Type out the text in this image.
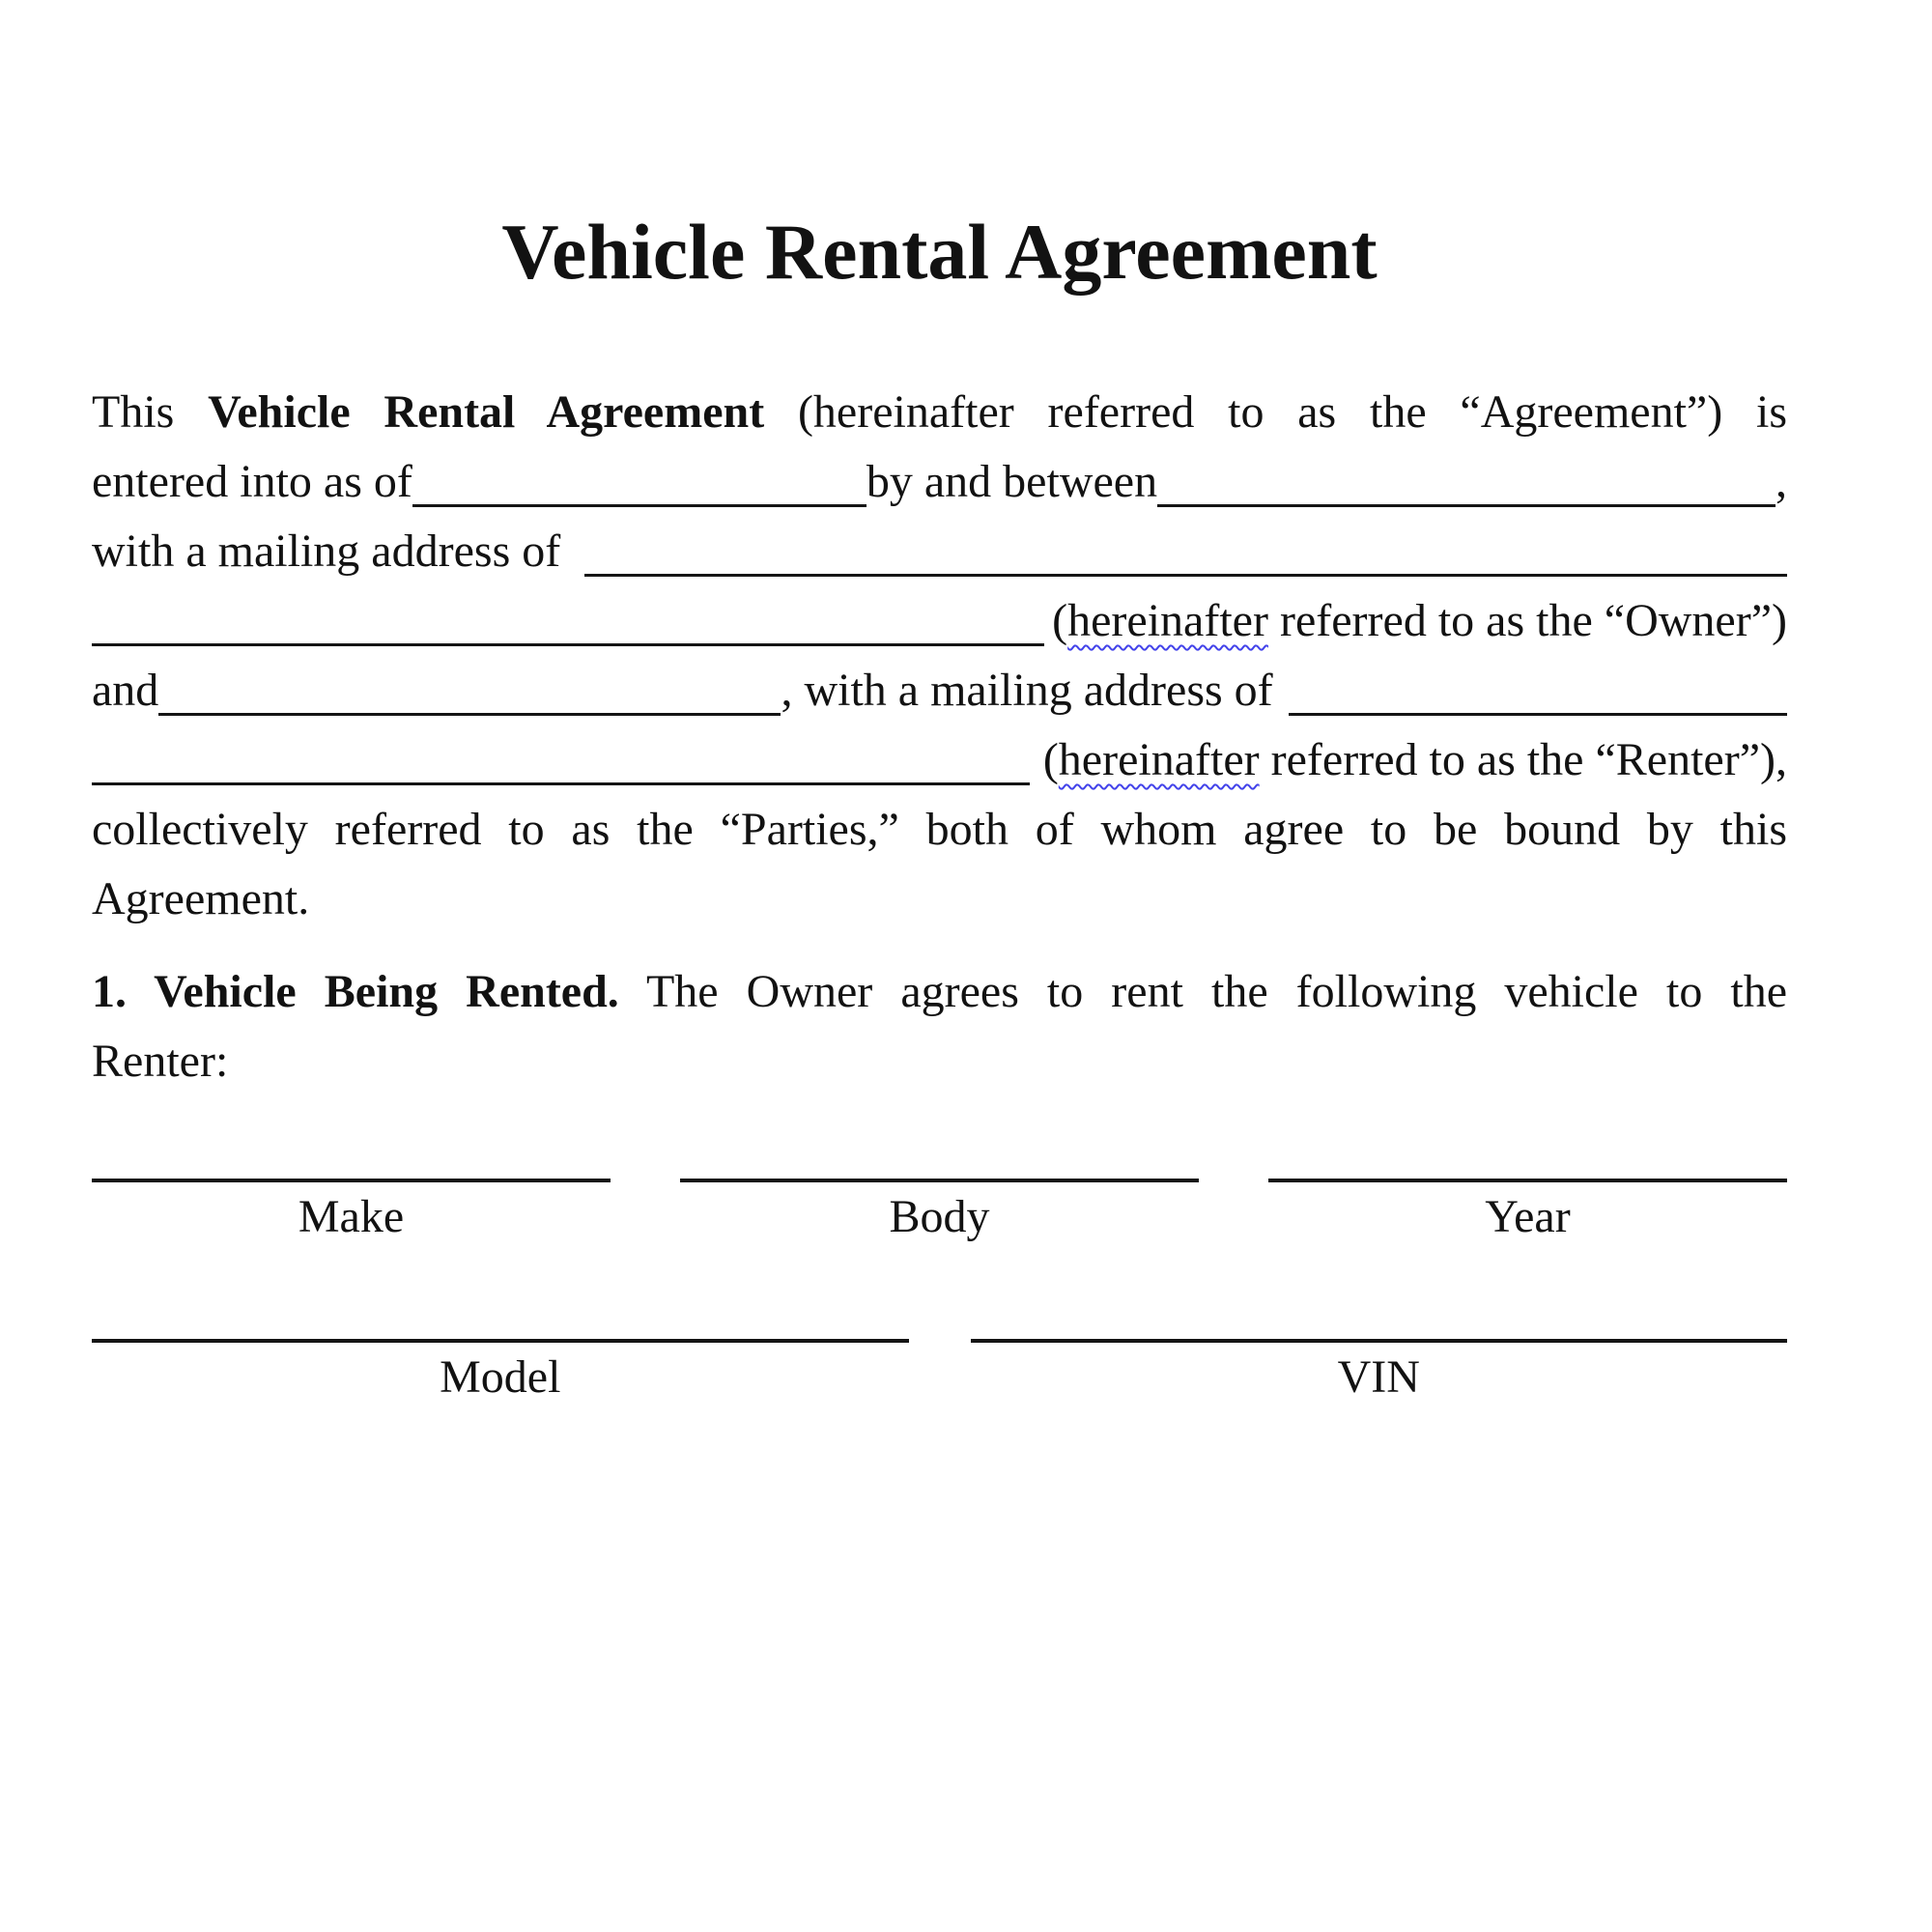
Vehicle Rental Agreement
This Vehicle Rental Agreement (hereinafter referred to as the “Agreement”) is
entered into as of	by and between	,
with a mailing address of
(hereinafter referred to as the “Owner”)
and	, with a mailing address of
(hereinafter referred to as the “Renter”),
collectively referred to as the “Parties,” both of whom agree to be bound by this
Agreement.
1. Vehicle Being Rented. The Owner agrees to rent the following vehicle to the
Renter:
Make	Body	Year
Model	VIN
